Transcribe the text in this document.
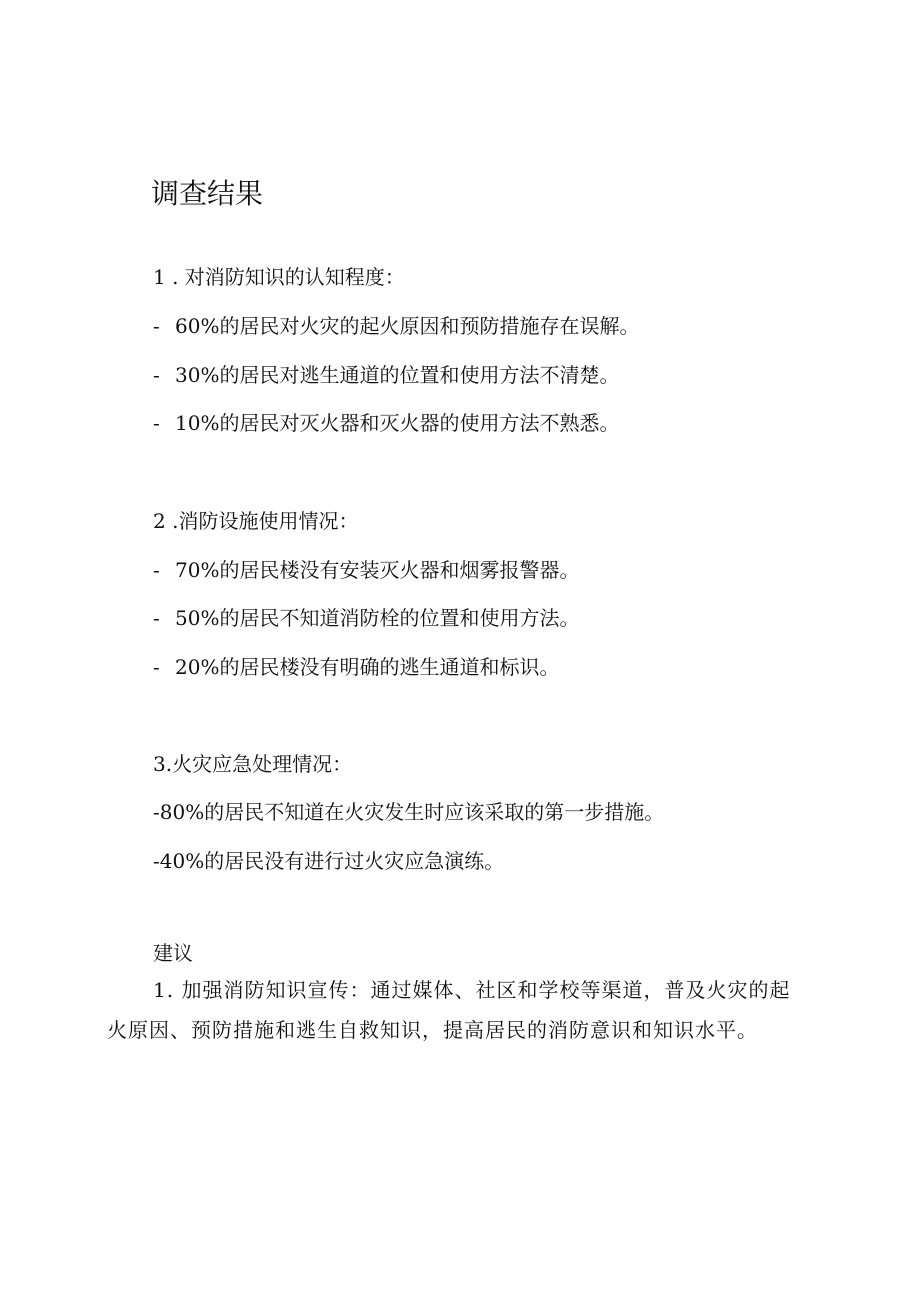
调查结果

1 . 对消防知识的认知程度：

- 60%的居民对火灾的起火原因和预防措施存在误解。

- 30%的居民对逃生通道的位置和使用方法不清楚。

- 10%的居民对灭火器和灭火器的使用方法不熟悉。

2 .消防设施使用情况：

- 70%的居民楼没有安装灭火器和烟雾报警器。

- 50%的居民不知道消防栓的位置和使用方法。

- 20%的居民楼没有明确的逃生通道和标识。

3.火灾应急处理情况：

-80%的居民不知道在火灾发生时应该采取的第一步措施。

-40%的居民没有进行过火灾应急演练。

建议

1. 加强消防知识宣传：通过媒体、社区和学校等渠道，普及火灾的起火原因、预防措施和逃生自救知识，提高居民的消防意识和知识水平。
